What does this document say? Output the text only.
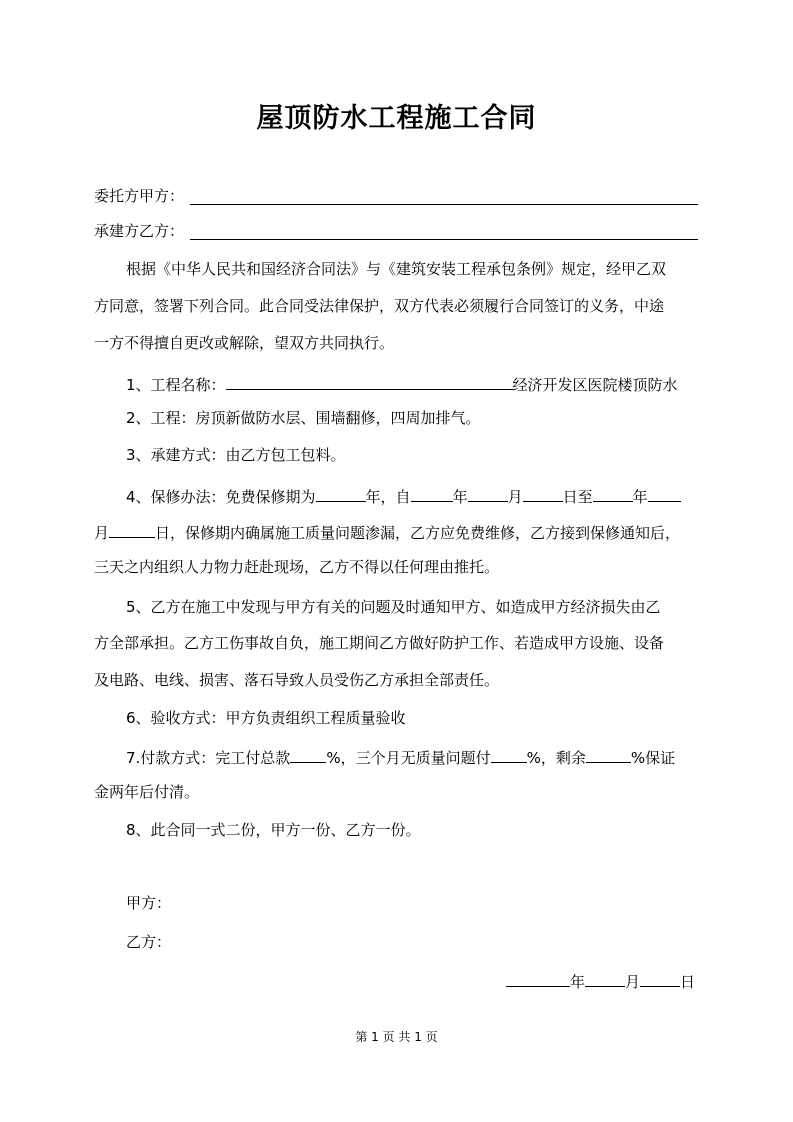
屋顶防水工程施工合同
委托方甲方：
承建方乙方：
根据《中华人民共和国经济合同法》与《建筑安装工程承包条例》规定，经甲乙双
方同意，签署下列合同。此合同受法律保护，双方代表必须履行合同签订的义务，中途
一方不得擅自更改或解除，望双方共同执行。
1、工程名称：	经济开发区医院楼顶防水
2、工程：房顶新做防水层、围墙翻修，四周加排气。
3、承建方式：由乙方包工包料。
4、保修办法：免费保修期为	年，自	年	月	日至	年
月	日，保修期内确属施工质量问题渗漏，乙方应免费维修，乙方接到保修通知后，
三天之内组织人力物力赶赴现场，乙方不得以任何理由推托。
5、乙方在施工中发现与甲方有关的问题及时通知甲方、如造成甲方经济损失由乙
方全部承担。乙方工伤事故自负，施工期间乙方做好防护工作、若造成甲方设施、设备
及电路、电线、损害、落石导致人员受伤乙方承担全部责任。
6、验收方式：甲方负责组织工程质量验收
7.付款方式：完工付总款 %，三个月无质量问题付 %，剩余	%保证
金两年后付清。
8、此合同一式二份，甲方一份、乙方一份。
甲方：
乙方：
年	月	日
第 1 页 共 1 页
